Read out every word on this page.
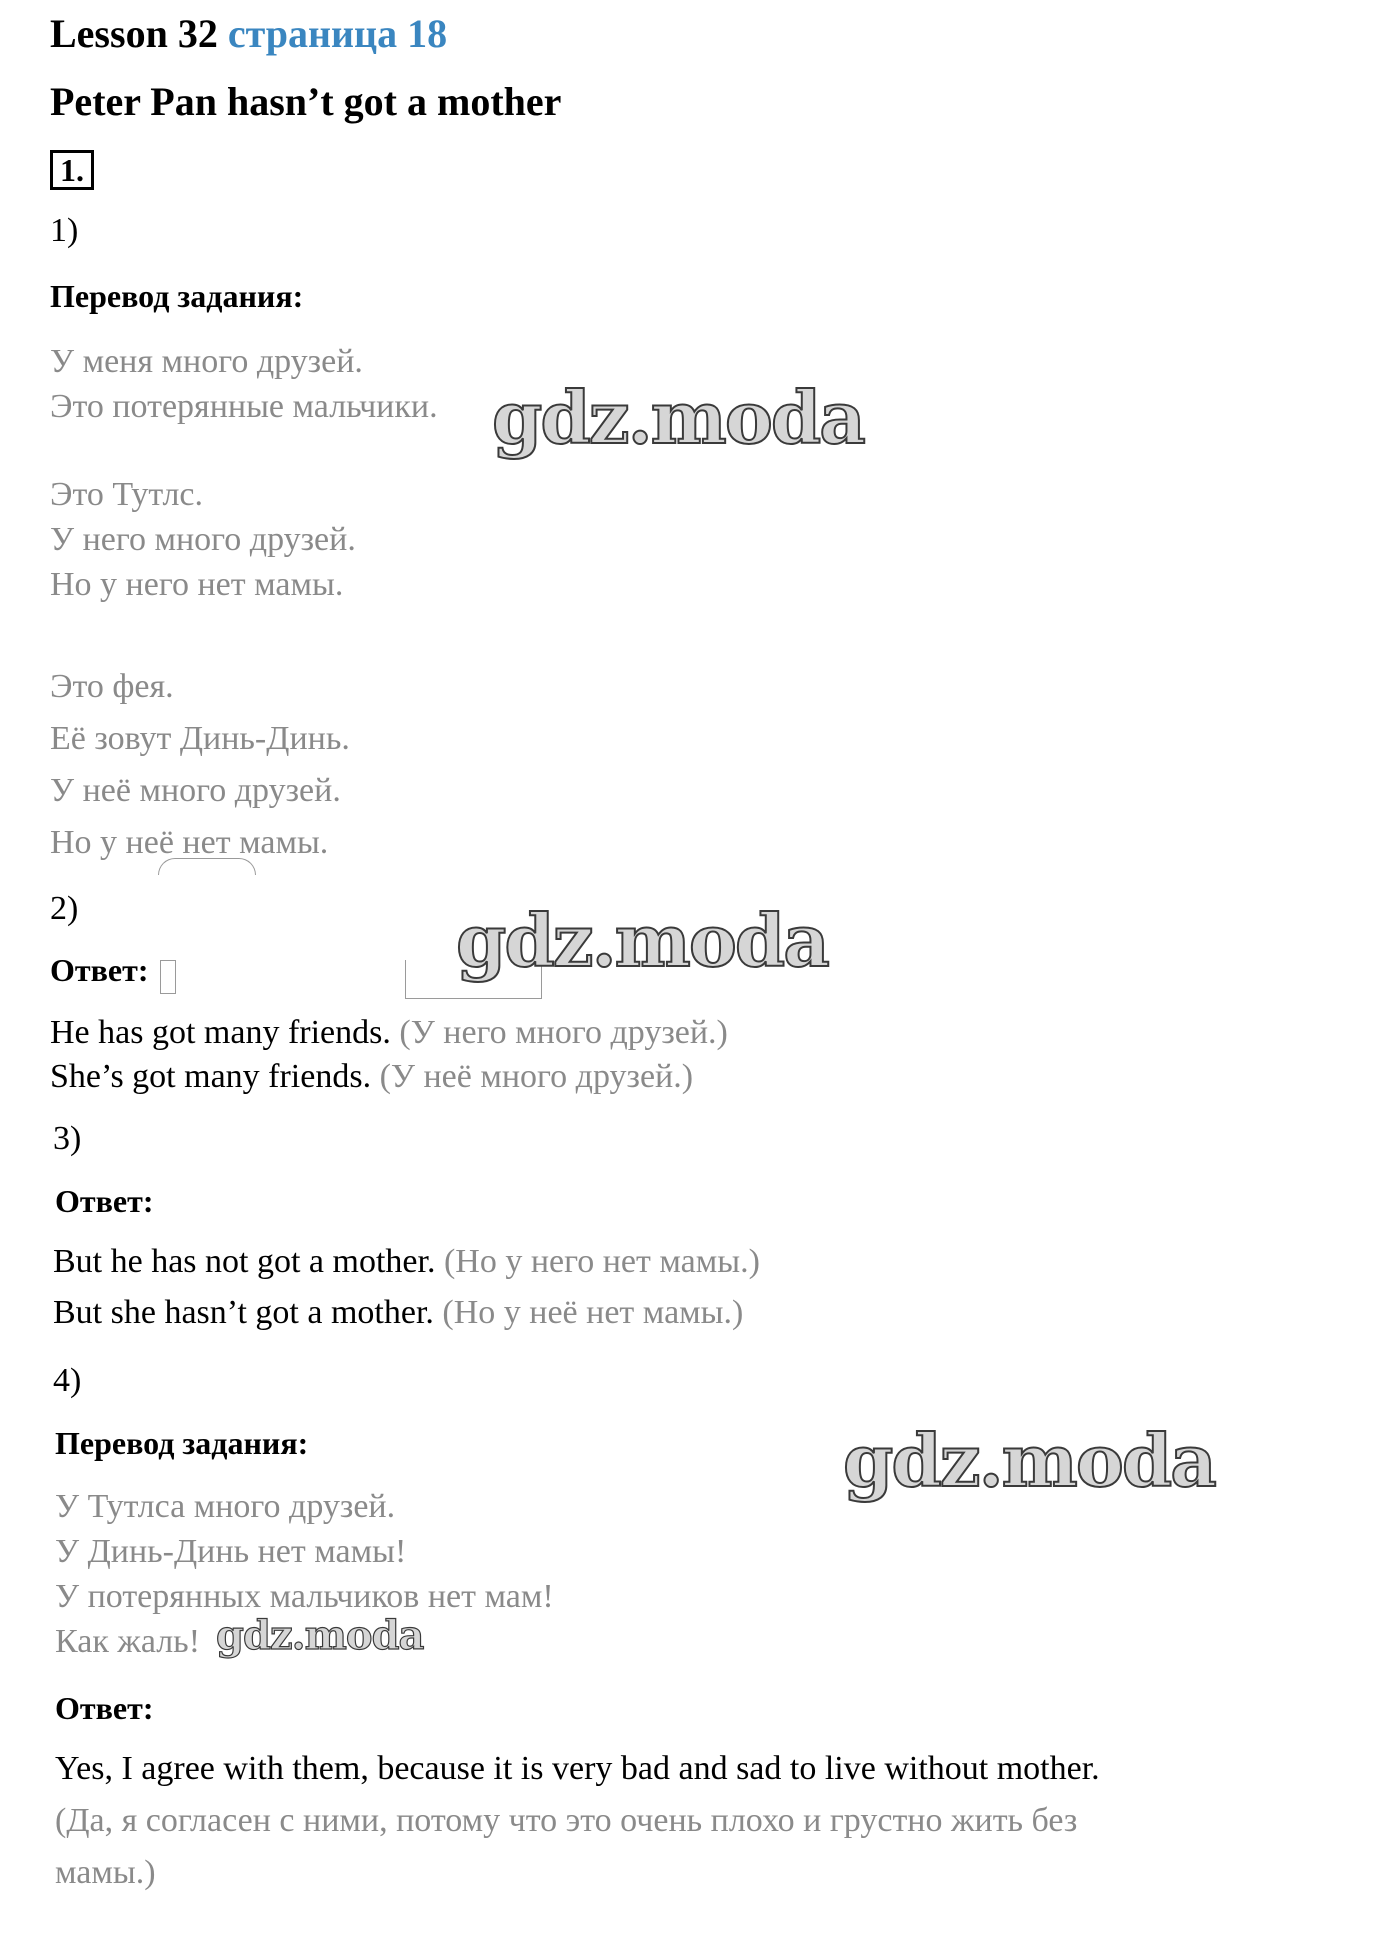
Lesson 32 страница 18
Peter Pan hasn’t got a mother
1.
1)
Перевод задания:
У меня много друзей.
Это потерянные мальчики.
Это Тутлс.
У него много друзей.
Но у него нет мамы.
Это фея.
Её зовут Динь-Динь.
У неё много друзей.
Но у неё нет мамы.
2)
Ответ:
He has got many friends. (У него много друзей.)
She’s got many friends. (У неё много друзей.)
3)
Ответ:
But he has not got a mother. (Но у него нет мамы.)
But she hasn’t got a mother. (Но у неё нет мамы.)
4)
Перевод задания:
У Тутлса много друзей.
У Динь-Динь нет мамы!
У потерянных мальчиков нет мам!
Как жаль!
Ответ:
Yes, I agree with them, because it is very bad and sad to live without mother.
(Да, я согласен с ними, потому что это очень плохо и грустно жить без
мамы.)
gdz.moda
gdz.moda
gdz.moda
gdz.moda
